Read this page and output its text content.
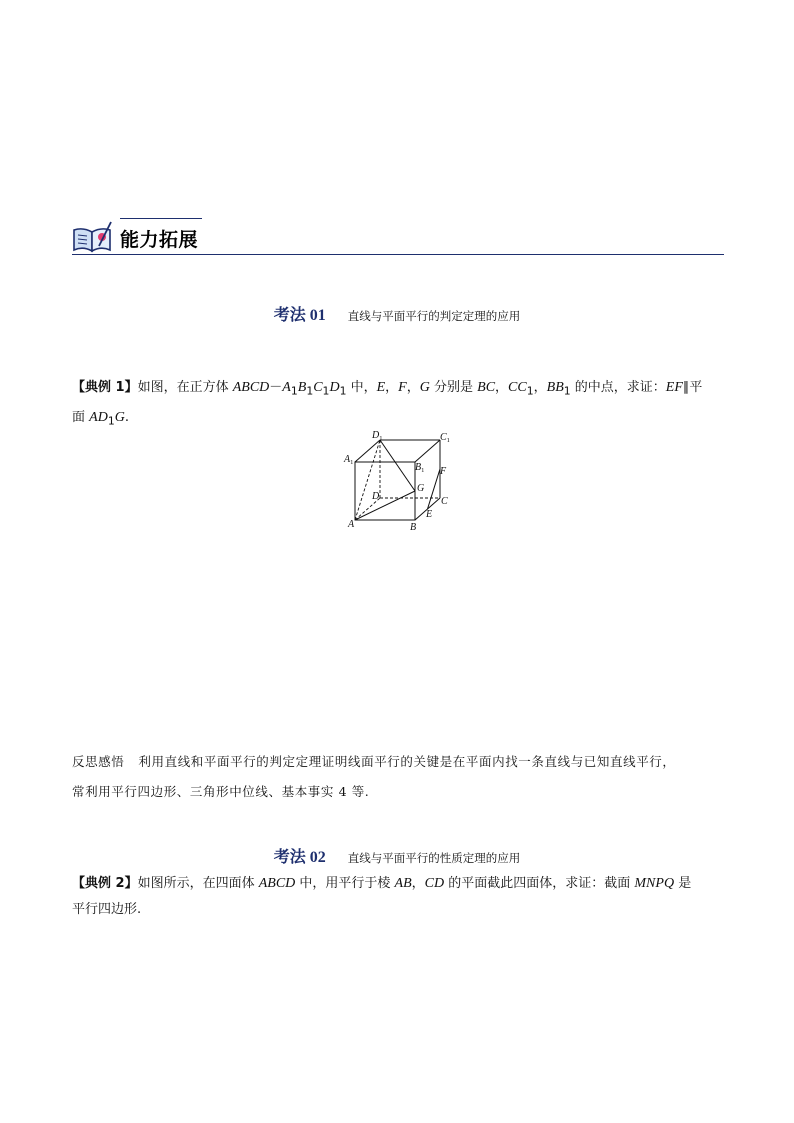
能力拓展
考法 01 直线与平面平行的判定定理的应用
【典例 1】如图，在正方体 $ABCD-A_1B_1C_1D_1$ 中，E，F，G 分别是 BC，$CC_1$，$BB_1$ 的中点，求证：EF∥平
面 $AD_1G$.
$D_1$	$C_1$
$A_1$	$B_1$ F
G
D	C
E
A	B
反思感悟 利用直线和平面平行的判定定理证明线面平行的关键是在平面内找一条直线与已知直线平行，
常利用平行四边形、三角形中位线、基本事实 4 等.
考法 02 直线与平面平行的性质定理的应用
【典例 2】如图所示，在四面体 ABCD 中，用平行于棱 AB，CD 的平面截此四面体，求证：截面 MNPQ 是
平行四边形.
